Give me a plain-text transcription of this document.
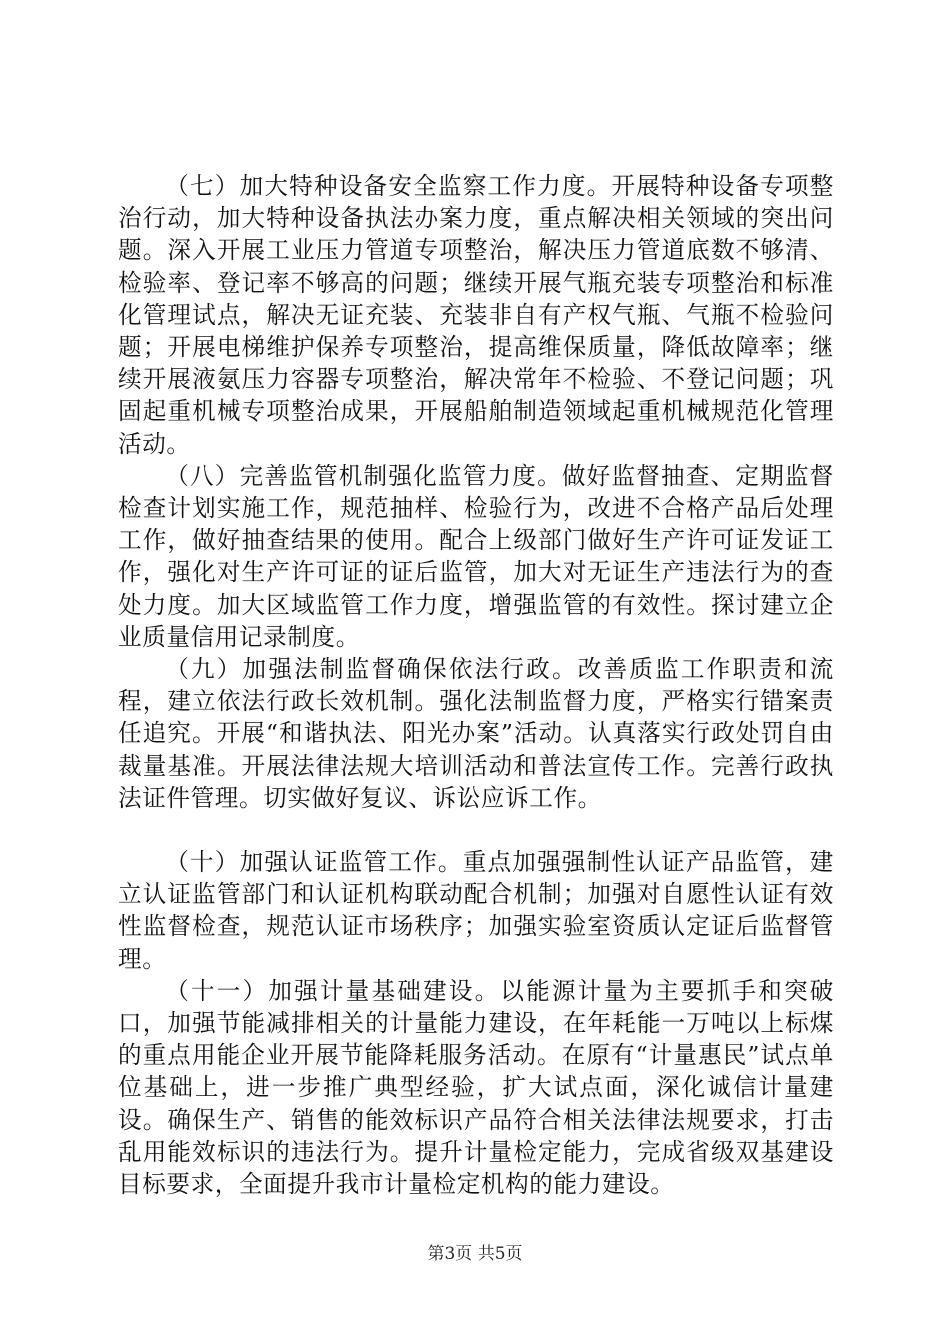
（七）加大特种设备安全监察工作力度。开展特种设备专项整治行动，加大特种设备执法办案力度，重点解决相关领域的突出问题。深入开展工业压力管道专项整治，解决压力管道底数不够清、检验率、登记率不够高的问题；继续开展气瓶充装专项整治和标准化管理试点，解决无证充装、充装非自有产权气瓶、气瓶不检验问题；开展电梯维护保养专项整治，提高维保质量，降低故障率；继续开展液氨压力容器专项整治，解决常年不检验、不登记问题；巩固起重机械专项整治成果，开展船舶制造领域起重机械规范化管理活动。

（八）完善监管机制强化监管力度。做好监督抽查、定期监督检查计划实施工作，规范抽样、检验行为，改进不合格产品后处理工作，做好抽查结果的使用。配合上级部门做好生产许可证发证工作，强化对生产许可证的证后监管，加大对无证生产违法行为的查处力度。加大区域监管工作力度，增强监管的有效性。探讨建立企业质量信用记录制度。

（九）加强法制监督确保依法行政。改善质监工作职责和流程，建立依法行政长效机制。强化法制监督力度，严格实行错案责任追究。开展“和谐执法、阳光办案”活动。认真落实行政处罚自由裁量基准。开展法律法规大培训活动和普法宣传工作。完善行政执法证件管理。切实做好复议、诉讼应诉工作。

（十）加强认证监管工作。重点加强强制性认证产品监管，建立认证监管部门和认证机构联动配合机制；加强对自愿性认证有效性监督检查，规范认证市场秩序；加强实验室资质认定证后监督管理。

（十一）加强计量基础建设。以能源计量为主要抓手和突破口，加强节能减排相关的计量能力建设，在年耗能一万吨以上标煤的重点用能企业开展节能降耗服务活动。在原有“计量惠民”试点单位基础上，进一步推广典型经验，扩大试点面，深化诚信计量建设。确保生产、销售的能效标识产品符合相关法律法规要求，打击乱用能效标识的违法行为。提升计量检定能力，完成省级双基建设目标要求，全面提升我市计量检定机构的能力建设。

第3页 共5页
